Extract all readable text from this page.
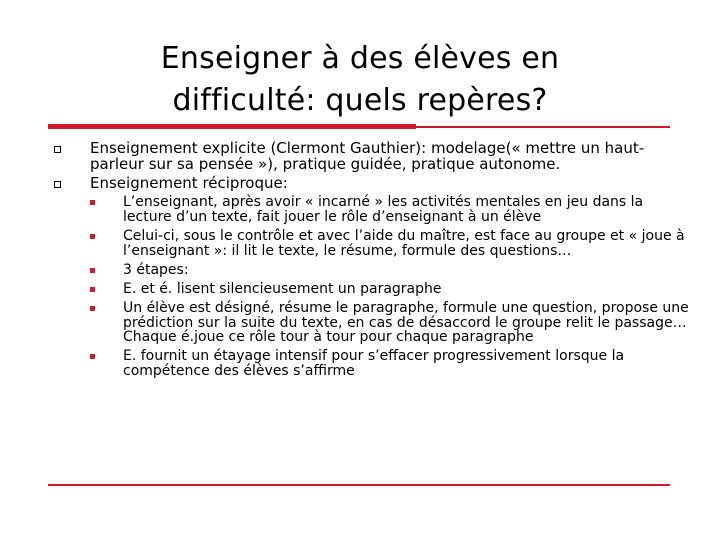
Enseigner à des élèves en
difficulté: quels repères?
Enseignement explicite (Clermont Gauthier): modelage(« mettre un haut- parleur sur sa pensée »), pratique guidée, pratique autonome.
Enseignement réciproque:
L’enseignant, après avoir « incarné » les activités mentales en jeu dans la lecture d’un texte, fait jouer le rôle d’enseignant à un élève
Celui-ci, sous le contrôle et avec l’aide du maître, est face au groupe et « joue à l’enseignant »: il lit le texte, le résume, formule des questions…
3 étapes:
E. et é. lisent silencieusement un paragraphe
Un élève est désigné, résume le paragraphe, formule une question, propose une prédiction sur la suite du texte, en cas de désaccord le groupe relit le passage… Chaque é.joue ce rôle tour à tour pour chaque paragraphe
E. fournit un étayage intensif pour s’effacer progressivement lorsque la compétence des élèves s’affirme
